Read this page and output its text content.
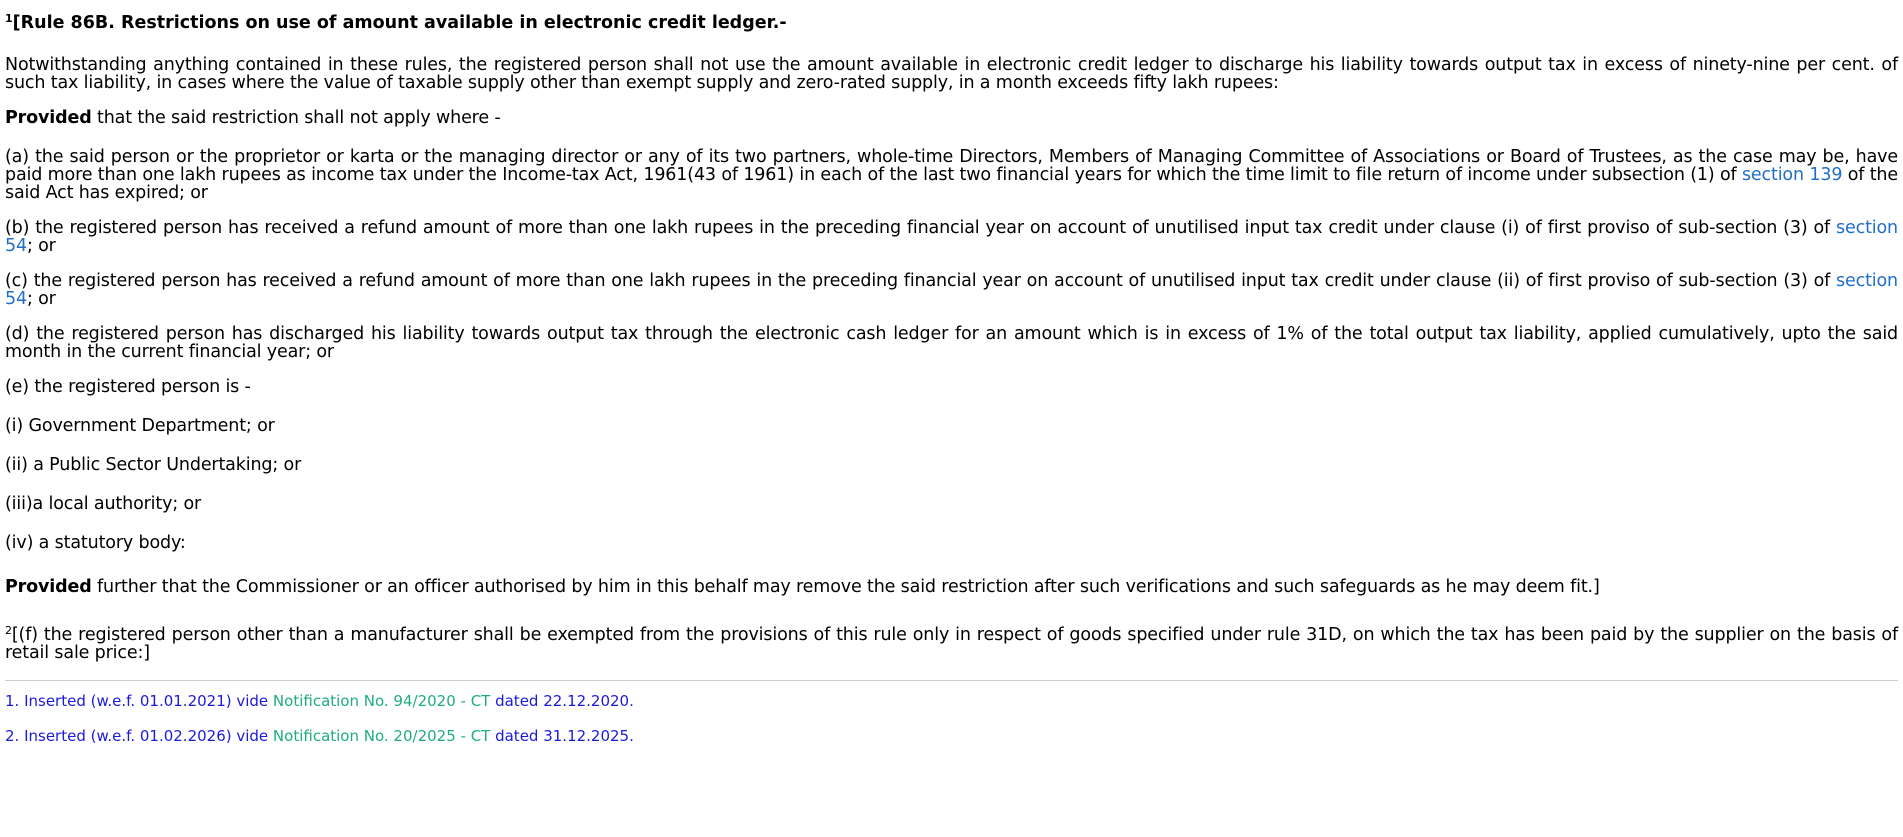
$^1$[Rule 86B. Restrictions on use of amount available in electronic credit ledger.-

Notwithstanding anything contained in these rules, the registered person shall not use the amount available in electronic credit ledger to discharge his liability towards output tax in excess of ninety-nine per cent. of such tax liability, in cases where the value of taxable supply other than exempt supply and zero-rated supply, in a month exceeds fifty lakh rupees:

Provided that the said restriction shall not apply where -

(a) the said person or the proprietor or karta or the managing director or any of its two partners, whole-time Directors, Members of Managing Committee of Associations or Board of Trustees, as the case may be, have paid more than one lakh rupees as income tax under the Income-tax Act, 1961(43 of 1961) in each of the last two financial years for which the time limit to file return of income under subsection (1) of section 139 of the said Act has expired; or

(b) the registered person has received a refund amount of more than one lakh rupees in the preceding financial year on account of unutilised input tax credit under clause (i) of first proviso of sub-section (3) of section 54; or

(c) the registered person has received a refund amount of more than one lakh rupees in the preceding financial year on account of unutilised input tax credit under clause (ii) of first proviso of sub-section (3) of section 54; or

(d) the registered person has discharged his liability towards output tax through the electronic cash ledger for an amount which is in excess of 1% of the total output tax liability, applied cumulatively, upto the said month in the current financial year; or

(e) the registered person is -

(i) Government Department; or

(ii) a Public Sector Undertaking; or

(iii)a local authority; or

(iv) a statutory body:

Provided further that the Commissioner or an officer authorised by him in this behalf may remove the said restriction after such verifications and such safeguards as he may deem fit.]

$^2$[(f) the registered person other than a manufacturer shall be exempted from the provisions of this rule only in respect of goods specified under rule 31D, on which the tax has been paid by the supplier on the basis of retail sale price:]

1. Inserted (w.e.f. 01.01.2021) vide Notification No. 94/2020 - CT dated 22.12.2020.
2. Inserted (w.e.f. 01.02.2026) vide Notification No. 20/2025 - CT dated 31.12.2025.
